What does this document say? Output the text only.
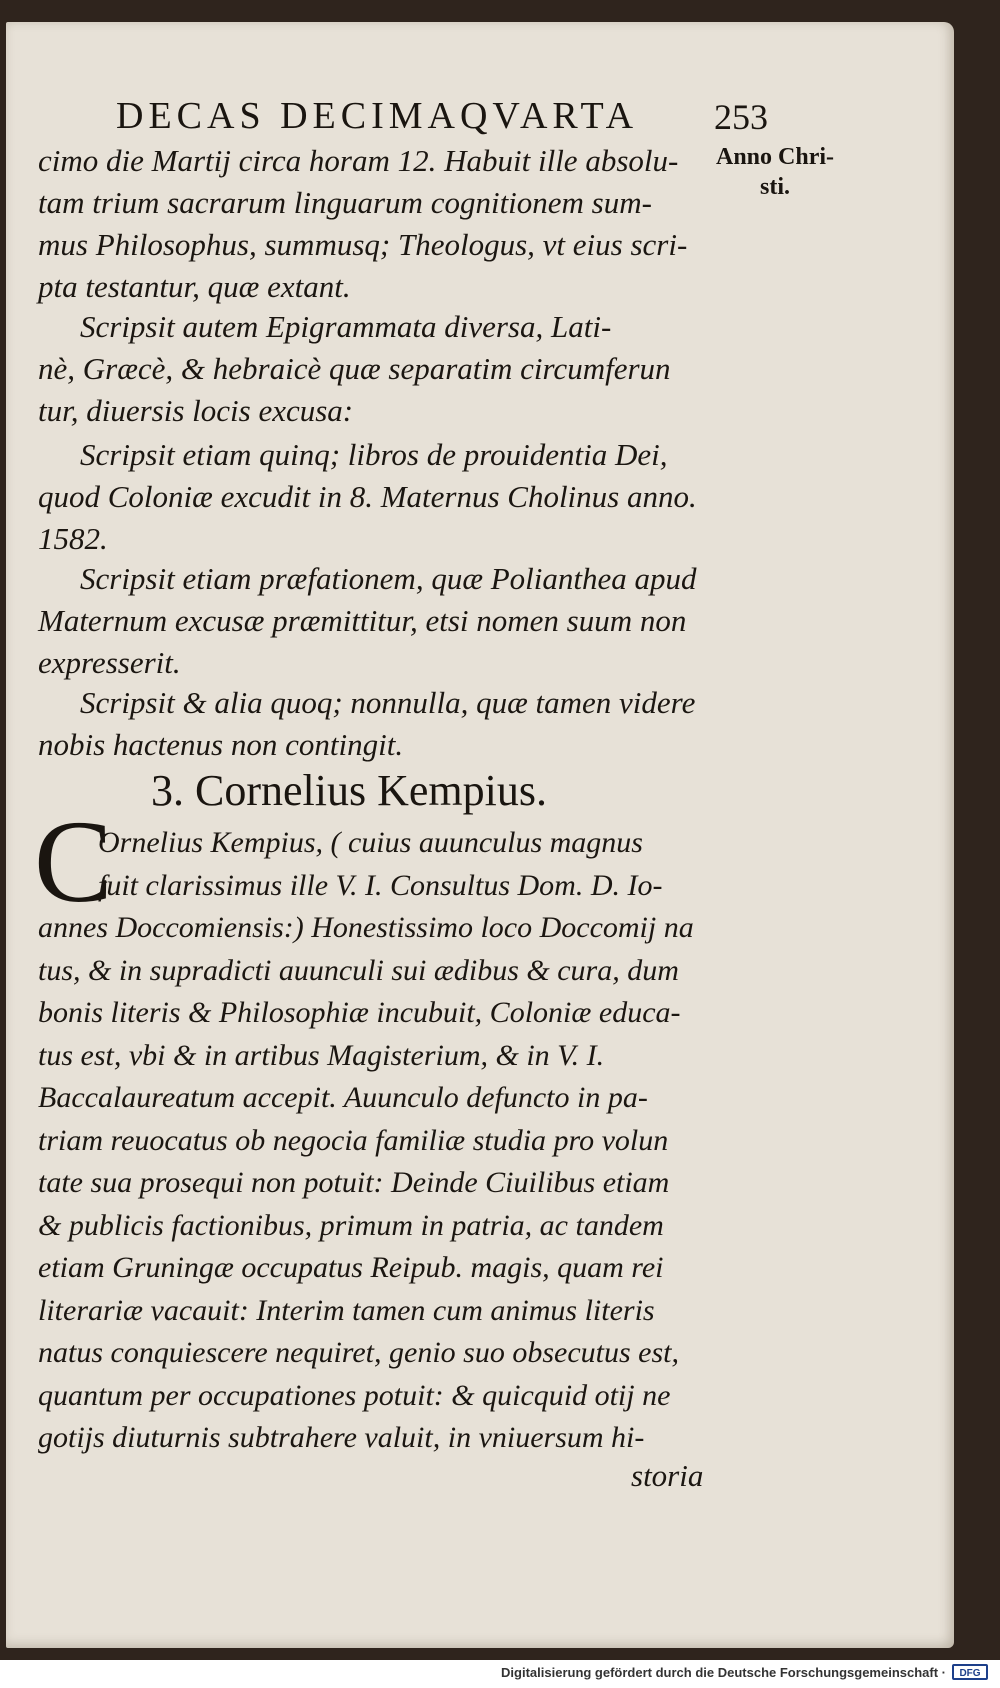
DECAS DECIMAQVARTA 253
Anno Chri-
sti.
cimo die Martij circa horam 12. Habuit ille absolu-
tam trium sacrarum linguarum cognitionem sum-
mus Philosophus, summusq; Theologus, vt eius scri-
pta testantur, quæ extant.
Scripsit autem Epigrammata diversa, Lati-
nè, Græcè, & hebraicè quæ separatim circumferun
tur, diuersis locis excusa:
Scripsit etiam quinq; libros de prouidentia Dei,
quod Coloniæ excudit in 8. Maternus Cholinus anno.
1582.
Scripsit etiam præfationem, quæ Polianthea apud
Maternum excusæ præmittitur, etsi nomen suum non
expresserit.
Scripsit & alia quoq; nonnulla, quæ tamen videre
nobis hactenus non contingit.
3. Cornelius Kempius.
C
Ornelius Kempius, ( cuius auunculus magnus
fuit clarissimus ille V. I. Consultus Dom. D. Io-
annes Doccomiensis:) Honestissimo loco Doccomij na
tus, & in supradicti auunculi sui ædibus & cura, dum
bonis literis & Philosophiæ incubuit, Coloniæ educa-
tus est, vbi & in artibus Magisterium, & in V. I.
Baccalaureatum accepit. Auunculo defuncto in pa-
triam reuocatus ob negocia familiæ studia pro volun
tate sua prosequi non potuit: Deinde Ciuilibus etiam
& publicis factionibus, primum in patria, ac tandem
etiam Gruningæ occupatus Reipub. magis, quam rei
literariæ vacauit: Interim tamen cum animus literis
natus conquiescere nequiret, genio suo obsecutus est,
quantum per occupationes potuit: & quicquid otij ne
gotijs diuturnis subtrahere valuit, in vniuersum hi-
storia
Digitalisierung gefördert durch die Deutsche Forschungsgemeinschaft ·	DFG
